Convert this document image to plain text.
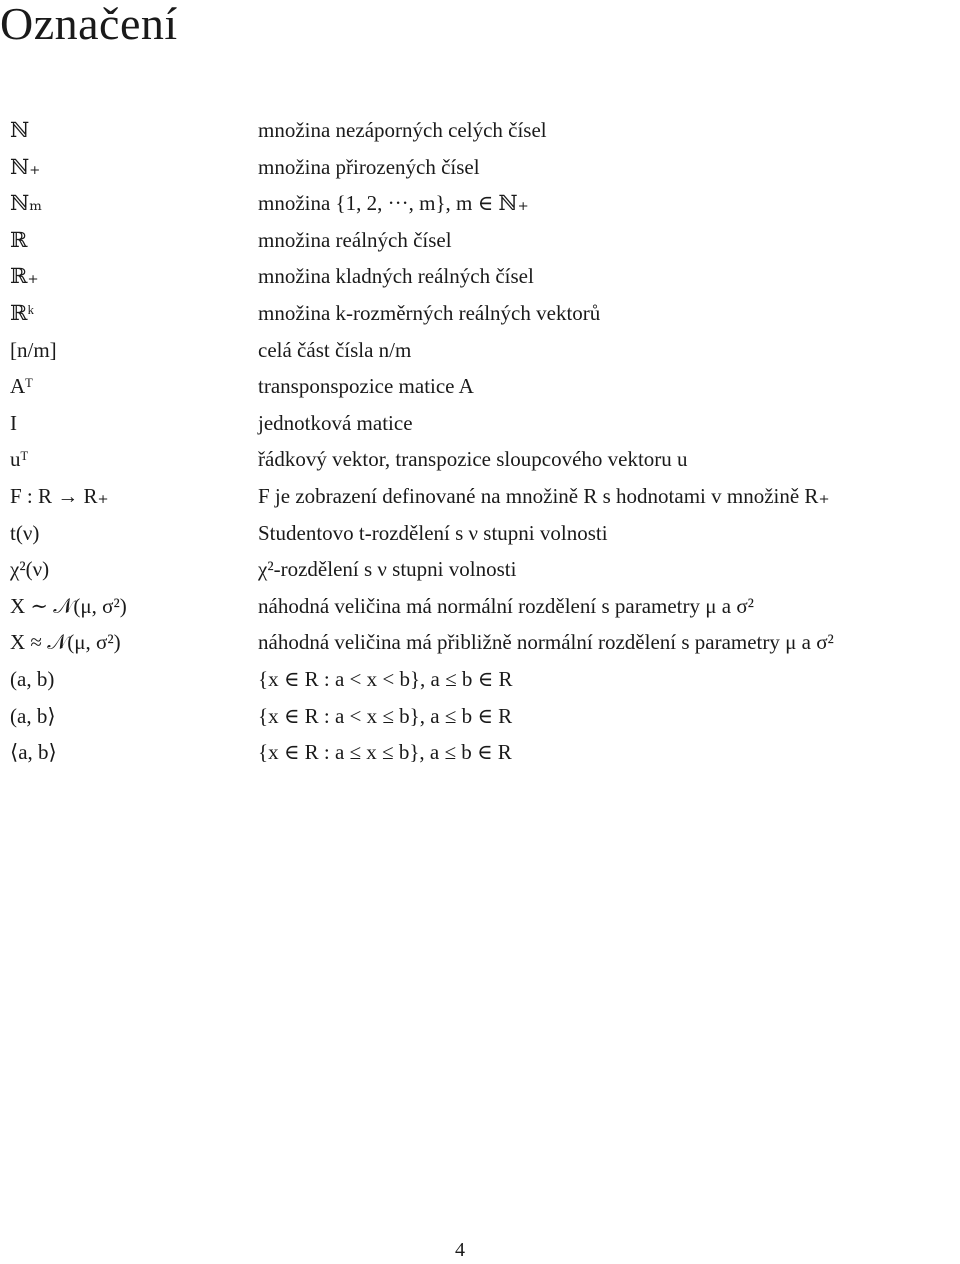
Označení
ℕ	množina nezáporných celých čísel
ℕ₊	množina přirozených čísel
ℕₘ	množina {1, 2, ···, m}, m ∈ ℕ₊
ℝ	množina reálných čísel
ℝ₊	množina kladných reálných čísel
ℝᵏ	množina k-rozměrných reálných vektorů
[n/m]	celá část čísla n/m
Aᵀ	transponspozice matice A
I	jednotková matice
uᵀ	řádkový vektor, transpozice sloupcového vektoru u
F : R → R₊	F je zobrazení definované na množině R s hodnotami v množině R₊
t(ν)	Studentovo t-rozdělení s ν stupni volnosti
χ²(ν)	χ²-rozdělení s ν stupni volnosti
X ∼ 𝒩(μ, σ²)	náhodná veličina má normální rozdělení s parametry μ a σ²
X ≈ 𝒩(μ, σ²)	náhodná veličina má přibližně normální rozdělení s parametry μ a σ²
(a, b)	{x ∈ R : a < x < b}, a ≤ b ∈ R
(a, b⟩	{x ∈ R : a < x ≤ b}, a ≤ b ∈ R
⟨a, b⟩	{x ∈ R : a ≤ x ≤ b}, a ≤ b ∈ R
4
